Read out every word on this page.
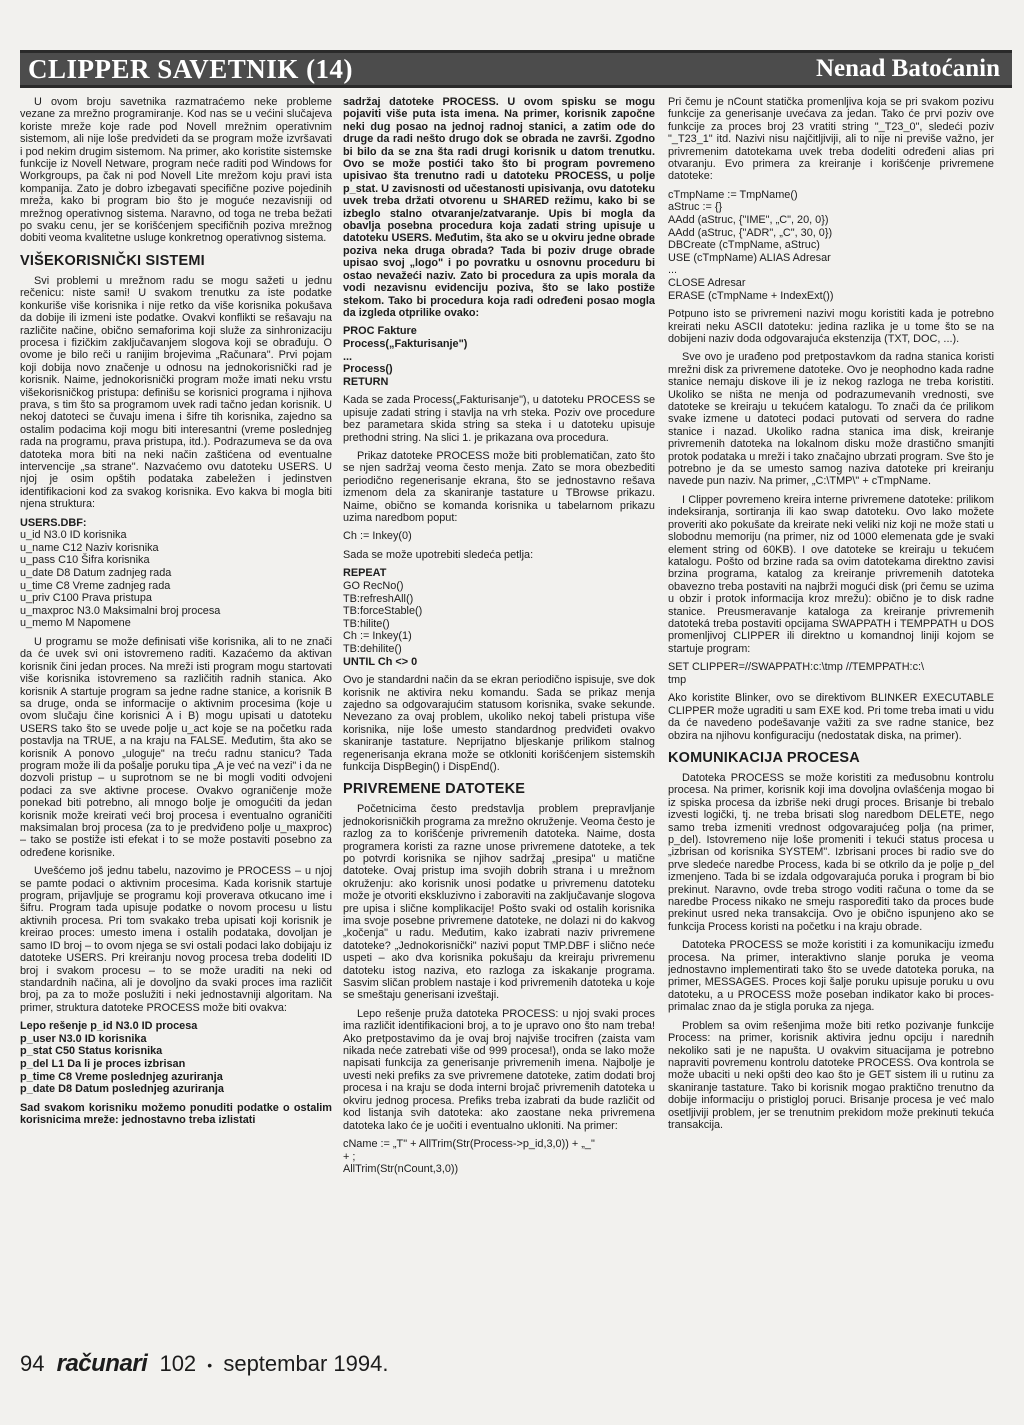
CLIPPER SAVETNIK (14)	Nenad Batoćanin

U ovom broju savetnika razmatraćemo neke probleme vezane za mrežno programiranje. Kod nas se u većini slučajeva koriste mreže koje rade pod Novell mrežnim operativnim sistemom, ali nije loše predvideti da se program može izvršavati i pod nekim drugim sistemom. Na primer, ako koristite sistemske funkcije iz Novell Netware, program neće raditi pod Windows for Workgroups, pa čak ni pod Novell Lite mrežom koju pravi ista kompanija. Zato je dobro izbegavati specifične pozive pojedinih mreža, kako bi program bio što je moguće nezavisniji od mrežnog operativnog sistema. Naravno, od toga ne treba bežati po svaku cenu, jer se korišćenjem specifičnih poziva mrežnog dobiti veoma kvalitetne usluge konkretnog operativnog sistema.

VIŠEKORISNIČKI SISTEMI

Svi problemi u mrežnom radu se mogu sažeti u jednu rečenicu: niste sami! U svakom trenutku za iste podatke konkuriše više korisnika i nije retko da više korisnika pokušava da dobije ili izmeni iste podatke. Ovakvi konflikti se rešavaju na različite načine, obično semaforima koji služe za sinhronizaciju procesa i fizičkim zaključavanjem slogova koji se obrađuju. O ovome je bilo reči u ranijim brojevima „Računara". Prvi pojam koji dobija novo značenje u odnosu na jednokorisnički rad je korisnik. Naime, jednokorisnički program može imati neku vrstu višekorisničkog pristupa: definišu se korisnici programa i njihova prava, s tim što sa programom uvek radi tačno jedan korisnik. U nekoj datoteci se čuvaju imena i šifre tih korisnika, zajedno sa ostalim podacima koji mogu biti interesantni (vreme poslednjeg rada na programu, prava pristupa, itd.). Podrazumeva se da ova datoteka mora biti na neki način zaštićena od eventualne intervencije „sa strane". Nazvaćemo ovu datoteku USERS. U njoj je osim opštih podataka zabeležen i jedinstven identifikacioni kod za svakog korisnika. Evo kakva bi mogla biti njena struktura:

USERS.DBF:
u_id N3.0 ID korisnika
u_name C12 Naziv korisnika
u_pass C10 Šifra korisnika
u_date D8 Datum zadnjeg rada
u_time C8 Vreme zadnjeg rada
u_priv C100 Prava pristupa
u_maxproc N3.0 Maksimalni broj procesa
u_memo M Napomene

U programu se može definisati više korisnika, ali to ne znači da će uvek svi oni istovremeno raditi. Kazaćemo da aktivan korisnik čini jedan proces. Na mreži isti program mogu startovati više korisnika istovremeno sa različitih radnih stanica. Ako korisnik A startuje program sa jedne radne stanice, a korisnik B sa druge, onda se informacije o aktivnim procesima (koje u ovom slučaju čine korisnici A i B) mogu upisati u datoteku USERS tako što se uvede polje u_act koje se na početku rada postavlja na TRUE, a na kraju na FALSE. Međutim, šta ako se korisnik A ponovo „uloguje" na treću radnu stanicu? Tada program može ili da pošalje poruku tipa „A je već na vezi" i da ne dozvoli pristup – u suprotnom se ne bi mogli voditi odvojeni podaci za sve aktivne procese. Ovakvo ograničenje može ponekad biti potrebno, ali mnogo bolje je omogućiti da jedan korisnik može kreirati veći broj procesa i eventualno ograničiti maksimalan broj procesa (za to je predviđeno polje u_maxproc) – tako se postiže isti efekat i to se može postaviti posebno za određene korisnike.

Uvešćemo još jednu tabelu, nazovimo je PROCESS – u njoj se pamte podaci o aktivnim procesima. Kada korisnik startuje program, prijavljuje se programu koji proverava otkucano ime i šifru. Program tada upisuje podatke o novom procesu u listu aktivnih procesa. Pri tom svakako treba upisati koji korisnik je kreirao proces: umesto imena i ostalih podataka, dovoljan je samo ID broj – to ovom njega se svi ostali podaci lako dobijaju iz datoteke USERS. Pri kreiranju novog procesa treba dodeliti ID broj i svakom procesu – to se može uraditi na neki od standardnih načina, ali je dovoljno da svaki proces ima različit broj, pa za to može poslužiti i neki jednostavniji algoritam. Na primer, struktura datoteke PROCESS može biti ovakva:

Lepo rešenje p_id N3.0 ID procesa
p_user N3.0 ID korisnika
p_stat C50 Status korisnika
p_del L1 Da li je proces izbrisan
p_time C8 Vreme poslednjeg azuriranja
p_date D8 Datum poslednjeg azuriranja

Sad svakom korisniku možemo ponuditi podatke o ostalim korisnicima mreže: jednostavno treba izlistati

sadržaj datoteke PROCESS. U ovom spisku se mogu pojaviti više puta ista imena. Na primer, korisnik započne neki dug posao na jednoj radnoj stanici, a zatim ode do druge da radi nešto drugo dok se obrada ne završi. Zgodno bi bilo da se zna šta radi drugi korisnik u datom trenutku. Ovo se može postići tako što bi program povremeno upisivao šta trenutno radi u datoteku PROCESS, u polje p_stat. U zavisnosti od učestanosti upisivanja, ovu datoteku uvek treba držati otvorenu u SHARED režimu, kako bi se izbeglo stalno otvaranje/zatvaranje. Upis bi mogla da obavlja posebna procedura koja zadati string upisuje u datoteku USERS. Međutim, šta ako se u okviru jedne obrade poziva neka druga obrada? Tada bi poziv druge obrade upisao svoj „logo" i po povratku u osnovnu proceduru bi ostao nevažeći naziv. Zato bi procedura za upis morala da vodi nezavisnu evidenciju poziva, što se lako postiže stekom. Tako bi procedura koja radi određeni posao mogla da izgleda otprilike ovako:

PROC Fakture
Process(„Fakturisanje")
...
Process()
RETURN

Kada se zada Process(„Fakturisanje"), u datoteku PROCESS se upisuje zadati string i stavlja na vrh steka. Poziv ove procedure bez parametara skida string sa steka i u datoteku upisuje prethodni string. Na slici 1. je prikazana ova procedura.

Prikaz datoteke PROCESS može biti problematičan, zato što se njen sadržaj veoma često menja. Zato se mora obezbediti periodično regenerisanje ekrana, što se jednostavno rešava izmenom dela za skaniranje tastature u TBrowse prikazu. Naime, obično se komanda korisnika u tabelarnom prikazu uzima naredbom poput:

Ch := Inkey(0)

Sada se može upotrebiti sledeća petlja:

REPEAT
GO RecNo()
TB:refreshAll()
TB:forceStable()
TB:hilite()
Ch := Inkey(1)
TB:dehilite()
UNTIL Ch <> 0

Ovo je standardni način da se ekran periodično ispisuje, sve dok korisnik ne aktivira neku komandu. Sada se prikaz menja zajedno sa odgovarajućim statusom korisnika, svake sekunde. Nevezano za ovaj problem, ukoliko nekoj tabeli pristupa više korisnika, nije loše umesto standardnog predviđeti ovakvo skaniranje tastature. Neprijatno bljeskanje prilikom stalnog regenerisanja ekrana može se otkloniti korišćenjem sistemskih funkcija DispBegin() i DispEnd().

PRIVREMENE DATOTEKE

Početnicima često predstavlja problem prepravljanje jednokorisničkih programa za mrežno okruženje. Veoma često je razlog za to korišćenje privremenih datoteka. Naime, dosta programera koristi za razne unose privremene datoteke, a tek po potvrdi korisnika se njihov sadržaj „presipa" u matične datoteke. Ovaj pristup ima svojih dobrih strana i u mrežnom okruženju: ako korisnik unosi podatke u privremenu datoteku može je otvoriti ekskluzivno i zaboraviti na zaključavanje slogova pre upisa i slične komplikacije! Pošto svaki od ostalih korisnika ima svoje posebne privremene datoteke, ne dolazi ni do kakvog „kočenja" u radu. Međutim, kako izabrati naziv privremene datoteke? „Jednokorisnički" nazivi poput TMP.DBF i slično neće uspeti – ako dva korisnika pokušaju da kreiraju privremenu datoteku istog naziva, eto razloga za iskakanje programa. Sasvim sličan problem nastaje i kod privremenih datoteka u koje se smeštaju generisani izveštaji.

Lepo rešenje pruža datoteka PROCESS: u njoj svaki proces ima različit identifikacioni broj, a to je upravo ono što nam treba! Ako pretpostavimo da je ovaj broj najviše trocifren (zaista vam nikada neće zatrebati više od 999 procesa!), onda se lako može napisati funkcija za generisanje privremenih imena. Najbolje je uvesti neki prefiks za sve privremene datoteke, zatim dodati broj procesa i na kraju se doda interni brojač privremenih datoteka u okviru jednog procesa. Prefiks treba izabrati da bude različit od kod listanja svih datoteka: ako zaostane neka privremena datoteka lako će je uočiti i eventualno ukloniti. Na primer:

cName := „T" + AllTrim(Str(Process->p_id,3,0)) + „_"
+ ;
AllTrim(Str(nCount,3,0))

Pri čemu je nCount statička promenljiva koja se pri svakom pozivu funkcije za generisanje uvećava za jedan. Tako će prvi poziv ove funkcije za proces broj 23 vratiti string "_T23_0", sledeći poziv "_T23_1" itd. Nazivi nisu najčitljiviji, ali to nije ni previše važno, jer privremenim datotekama uvek treba dodeliti određeni alias pri otvaranju. Evo primera za kreiranje i korišćenje privremene datoteke:

cTmpName := TmpName()
aStruc := {}
AAdd (aStruc, {"IME", „C", 20, 0})
AAdd (aStruc, {"ADR", „C", 30, 0})
DBCreate (cTmpName, aStruc)
USE (cTmpName) ALIAS Adresar
...
CLOSE Adresar
ERASE (cTmpName + IndexExt())

Potpuno isto se privremeni nazivi mogu koristiti kada je potrebno kreirati neku ASCII datoteku: jedina razlika je u tome što se na dobijeni naziv doda odgovarajuća ekstenzija (TXT, DOC, ...).

Sve ovo je urađeno pod pretpostavkom da radna stanica koristi mrežni disk za privremene datoteke. Ovo je neophodno kada radne stanice nemaju diskove ili je iz nekog razloga ne treba koristiti. Ukoliko se ništa ne menja od podrazumevanih vrednosti, sve datoteke se kreiraju u tekućem katalogu. To znači da će prilikom svake izmene u datoteci podaci putovati od servera do radne stanice i nazad. Ukoliko radna stanica ima disk, kreiranje privremenih datoteka na lokalnom disku može drastično smanjiti protok podataka u mreži i tako značajno ubrzati program. Sve što je potrebno je da se umesto samog naziva datoteke pri kreiranju navede pun naziv. Na primer, „C:\TMP\" + cTmpName.

I Clipper povremeno kreira interne privremene datoteke: prilikom indeksiranja, sortiranja ili kao swap datoteku. Ovo lako možete proveriti ako pokušate da kreirate neki veliki niz koji ne može stati u slobodnu memoriju (na primer, niz od 1000 elemenata gde je svaki element string od 60KB). I ove datoteke se kreiraju u tekućem katalogu. Pošto od brzine rada sa ovim datotekama direktno zavisi brzina programa, katalog za kreiranje privremenih datoteka obavezno treba postaviti na najbrži mogući disk (pri čemu se uzima u obzir i protok informacija kroz mrežu): obično je to disk radne stanice. Preusmeravanje kataloga za kreiranje privremenih datoteká treba postaviti opcijama SWAPPATH i TEMPPATH u DOS promenljivoj CLIPPER ili direktno u komandnoj liniji kojom se startuje program:

SET CLIPPER=//SWAPPATH:c:\tmp //TEMPPATH:c:\
tmp

Ako koristite Blinker, ovo se direktivom BLINKER EXECUTABLE CLIPPER može ugraditi u sam EXE kod. Pri tome treba imati u vidu da će navedeno podešavanje važiti za sve radne stanice, bez obzira na njihovu konfiguraciju (nedostatak diska, na primer).

KOMUNIKACIJA PROCESA

Datoteka PROCESS se može koristiti za međusobnu kontrolu procesa. Na primer, korisnik koji ima dovoljna ovlašćenja mogao bi iz spiska procesa da izbriše neki drugi proces. Brisanje bi trebalo izvesti logički, tj. ne treba brisati slog naredbom DELETE, nego samo treba izmeniti vrednost odgovarajućeg polja (na primer, p_del). Istovremeno nije loše promeniti i tekući status procesa u „izbrisan od korisnika SYSTEM". Izbrisani proces bi radio sve do prve sledeće naredbe Process, kada bi se otkrilo da je polje p_del izmenjeno. Tada bi se izdala odgovarajuća poruka i program bi bio prekinut. Naravno, ovde treba strogo voditi računa o tome da se naredbe Process nikako ne smeju raspoređiti tako da proces bude prekinut usred neka transakcija. Ovo je obično ispunjeno ako se funkcija Process koristi na početku i na kraju obrade.

Datoteka PROCESS se može koristiti i za komunikaciju između procesa. Na primer, interaktivno slanje poruka je veoma jednostavno implementirati tako što se uvede datoteka poruka, na primer, MESSAGES. Proces koji šalje poruku upisuje poruku u ovu datoteku, a u PROCESS može poseban indikator kako bi proces-primalac znao da je stigla poruka za njega.

Problem sa ovim rešenjima može biti retko pozivanje funkcije Process: na primer, korisnik aktivira jednu opciju i narednih nekoliko sati je ne napušta. U ovakvim situacijama je potrebno napraviti povremenu kontrolu datoteke PROCESS. Ova kontrola se može ubaciti u neki opšti deo kao što je GET sistem ili u rutinu za skaniranje tastature. Tako bi korisnik mogao praktično trenutno da dobije informaciju o pristiglој poruci. Brisanje procesa je već malo osetljiviji problem, jer se trenutnim prekidom može prekinuti tekuća transakcija.

94 računari 102 • septembar 1994.
